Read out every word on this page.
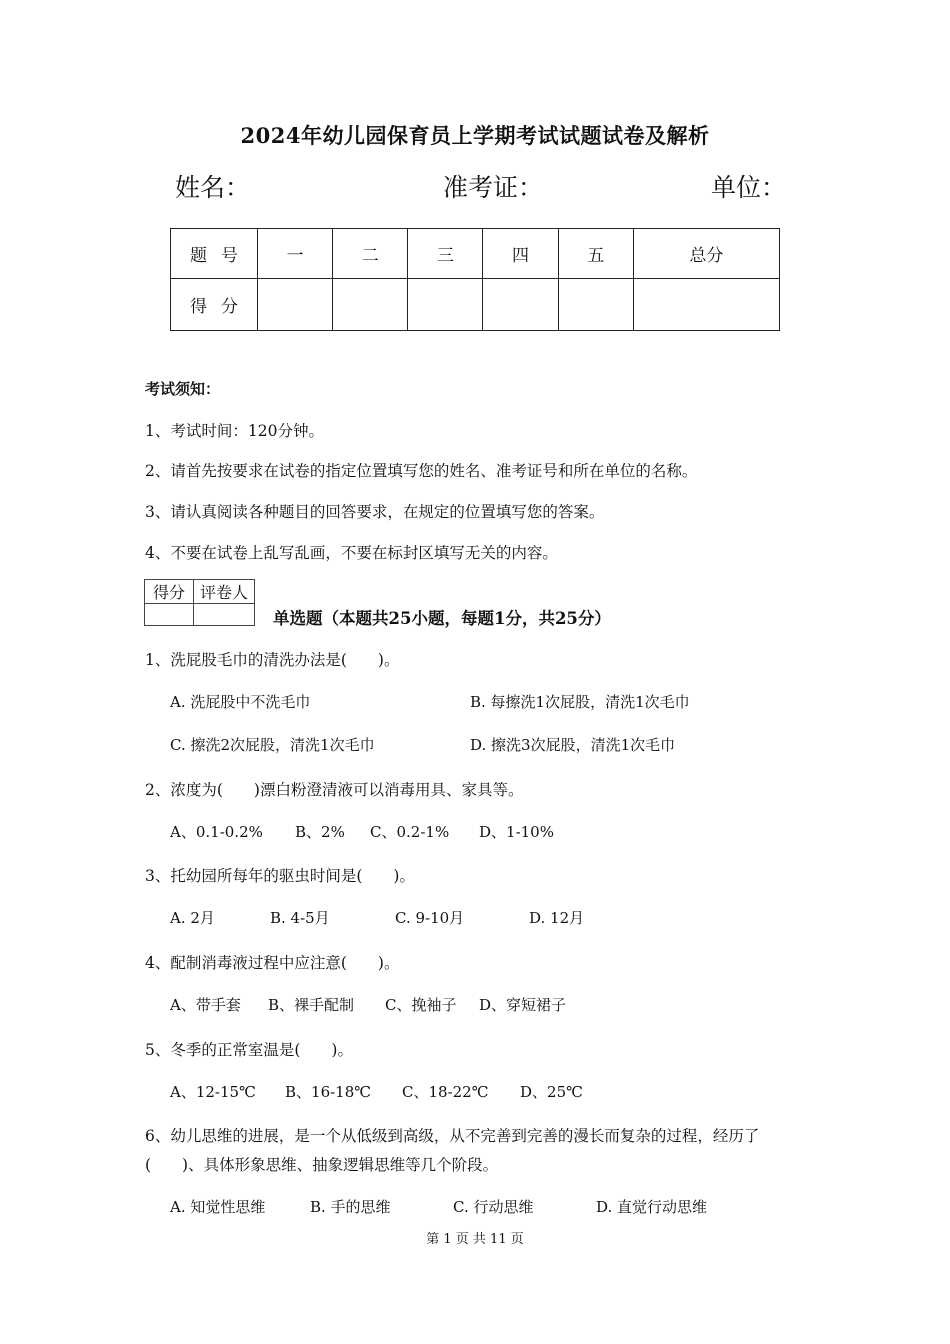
2024年幼儿园保育员上学期考试试题试卷及解析
姓名：	准考证：	单位：
题号	一	二	三	四	五	总分
得分						
考试须知：
1、考试时间：120分钟。
2、请首先按要求在试卷的指定位置填写您的姓名、准考证号和所在单位的名称。
3、请认真阅读各种题目的回答要求，在规定的位置填写您的答案。
4、不要在试卷上乱写乱画，不要在标封区填写无关的内容。
得分	评卷人

单选题（本题共25小题，每题1分，共25分）
1、洗屁股毛巾的清洗办法是(　　)。
A. 洗屁股中不洗毛巾	B. 每擦洗1次屁股，清洗1次毛巾
C. 擦洗2次屁股，清洗1次毛巾	D. 擦洗3次屁股，清洗1次毛巾
2、浓度为(　　)漂白粉澄清液可以消毒用具、家具等。
A、0.1-0.2% B、2% C、0.2-1% D、1-10%
3、托幼园所每年的驱虫时间是(　　)。
A. 2月	B. 4-5月	C. 9-10月	D. 12月
4、配制消毒液过程中应注意(　　)。
A、带手套 B、裸手配制 C、挽袖子 D、穿短裙子
5、冬季的正常室温是(　　)。
A、12-15℃ B、16-18℃ C、18-22℃ D、25℃
6、幼儿思维的进展，是一个从低级到高级，从不完善到完善的漫长而复杂的过程，经历了
(　　)、具体形象思维、抽象逻辑思维等几个阶段。
A. 知觉性思维	B. 手的思维	C. 行动思维	D. 直觉行动思维
第 1 页 共 11 页
